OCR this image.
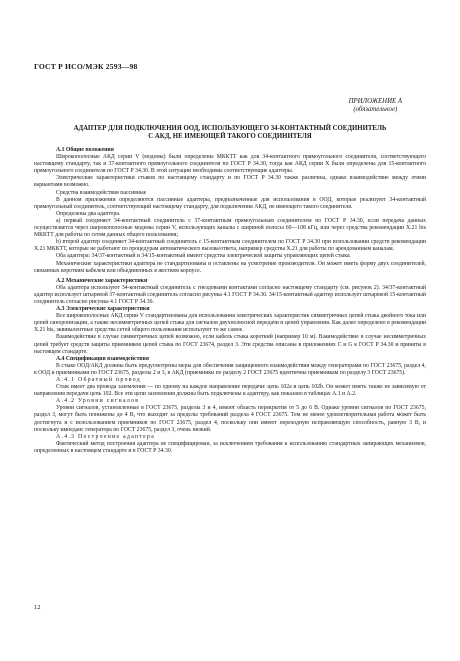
ГОСТ Р ИСО/МЭК 2593—98
ПРИЛОЖЕНИЕ А
(обязательное)
АДАПТЕР ДЛЯ ПОДКЛЮЧЕНИЯ ООД, ИСПОЛЬЗУЮЩЕГО 34-КОНТАКТНЫЙ СОЕДИНИТЕЛЬ
С АКД, НЕ ИМЕЮЩЕЙ ТАКОГО СОЕДИНИТЕЛЯ

А.1 Общие положения

Широкополосные АКД серии V (модемы) были определены МККТТ как для 34-контактного прямоугольного соединителя, соответствующего настоящему стандарту, так и 37-контактного прямоугольного соединителя по ГОСТ Р 34.30, тогда как АКД серии X были определены для 15-контактного прямоугольного соединителя по ГОСТ Р 34.30. В этой ситуации необходимы соответствующие адаптеры.

Электрические характеристики стыков по настоящему стандарту и по ГОСТ Р 34.30 также различны, однако взаимодействие между этими вариантами возможно.

Средства взаимодействия пассивные

В данном приложении определяются пассивные адаптеры, предназначенные для использования в ООД, которые реализуют 34-контактный прямоугольный соединитель, соответствующий настоящему стандарту, для подключения АКД, не имеющего такого соединителя.

Определены два адаптера.

а) первый соединяет 34-контактный соединитель с 37-контактным прямоугольным соединителем по ГОСТ Р 34.30, если передача данных осуществляется через широкополосные модемы серии V, использующих каналы с шириной полосы 60—108 кГц, или через средства рекомендации X.21 bis МККТТ для работы по сетям данных общего пользования;

b) второй адаптер соединяет 34-контактный соединитель с 15-контактным соединителем по ГОСТ Р 34.30 при использовании средств рекомендации X.21 МККТТ, которые не работают по процедурам автоматического вызова/ответа, например средства X.21 для работы по арендованным каналам.

Оба адаптера: 34/37-контактный и 34/15-контактный имеют средства электрической защиты управляющих цепей стыка.

Механические характеристики адаптера не стандартизованы и оставлены на усмотрение производителя. Он может иметь форму двух соединителей, связанных коротким кабелем или объединенных в жестком корпусе.

А.2 Механические характеристики

Оба адаптера используют 34-контактный соединитель с гнездовыми контактами согласно настоящему стандарту (см. рисунок 2). 34/37-контактный адаптер использует штыревой 37-контактный соединитель согласно рисунка 4.1 ГОСТ Р 34.30. 34/15-контактный адаптер использует штыревой 15-контактный соединитель согласно рисунка 4.1 ГОСТ Р 34.30.

А.3 Электрические характеристики

Все широкополосные АКД серии V стандартизованы для использования электрических характеристик симметричных цепей стыка двойного тока или цепей синхронизации, а также несимметричных цепей стыка для сигналов двухполюсной передачи и цепей управления. Как далее определено в рекомендации X.21 bis, эквивалентные средства сетей общего пользования используют то же самое.

Взаимодействие в случае симметричных цепей возможно, если кабель стыка короткий (например 10 м). Взаимодействие в случае несимметричных цепей требует средств защиты приемников цепей стыка по ГОСТ 23674, раздел 3. Эти средства описаны в приложениях С и G к ГОСТ Р 34.30 и приняты в настоящем стандарте.

А.4 Спецификация взаимодействия

В стыке ООД/АКД должны быть предусмотрены меры для обеспечения защищенного взаимодействия между генераторами по ГОСТ 23675, раздел 4, в ООД и приемниками по ГОСТ 23675, разделы 2 и 3, в АКД (приемники по разделу 2 ГОСТ 23675 идентичны приемникам по разделу 3 ГОСТ 23675).

А.4.1 Обратный провод

Стык имеет два провода заземления — по одному на каждое направление передачи: цепь 102а и цепь 102b. Он может иметь также не зависимую от направления передачи цепь 102. Все эти цепи заземления должны быть подключены к адаптеру, как показано в таблицах А.1 и А.2.

А.4.2 Уровни сигналов

Уровни сигналов, установленные в ГОСТ 23675, разделы 3 и 4, имеют область перекрытия от 5 до 6 В. Однако уровни сигналов по ГОСТ 23675, раздел 3, могут быть понижены до 4 В, что выходит за пределы требований раздела 4 ГОСТ 23675. Тем не менее удовлетворительная работа может быть достигнута и с использованием приемников по ГОСТ 23675, раздел 4, поскольку они имеют переходную исправляющую способность, равную 3 В, и поскольку импеданс генератора по ГОСТ 23675, раздел 3, очень низкий.

А.4.3 Построение адаптера

Фактический метод построения адаптера не специфицирован, за исключением требования к использованию стандартных запирающих механизмов, определенных в настоящем стандарте и в ГОСТ Р 34.30.

12
